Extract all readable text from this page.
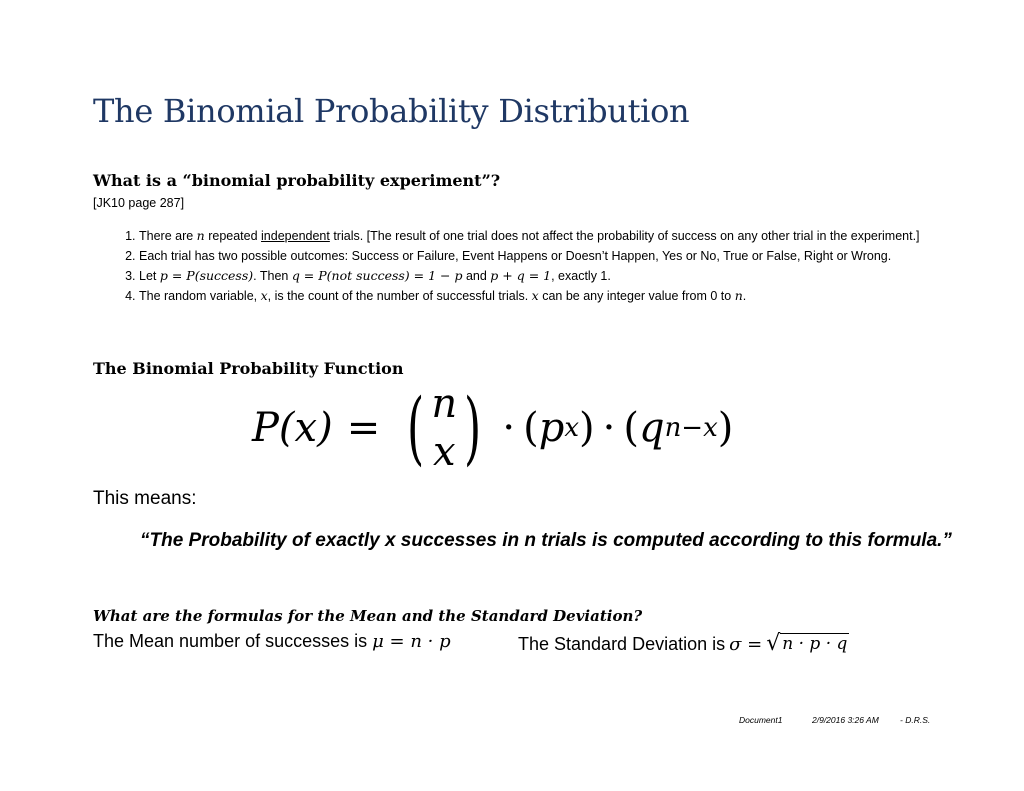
The Binomial Probability Distribution
What is a “binomial probability experiment”?
[JK10 page 287]
1. There are n repeated independent trials. [The result of one trial does not affect the probability of success on any other trial in the experiment.]
2. Each trial has two possible outcomes: Success or Failure, Event Happens or Doesn’t Happen, Yes or No, True or False, Right or Wrong.
3. Let p = P(success). Then q = P(not success) = 1 − p and p + q = 1, exactly 1.
4. The random variable, x, is the count of the number of successful trials. x can be any integer value from 0 to n.
The Binomial Probability Function
P(x) = ( n
x ) · ( p x ) · ( q n−x )
This means:
“The Probability of exactly x successes in n trials is computed according to this formula.”
What are the formulas for the Mean and the Standard Deviation?
The Mean number of successes is μ = n · p	The Standard Deviation is σ = √ n · p · q
Document1	2/9/2016 3:26 AM - D.R.S.
